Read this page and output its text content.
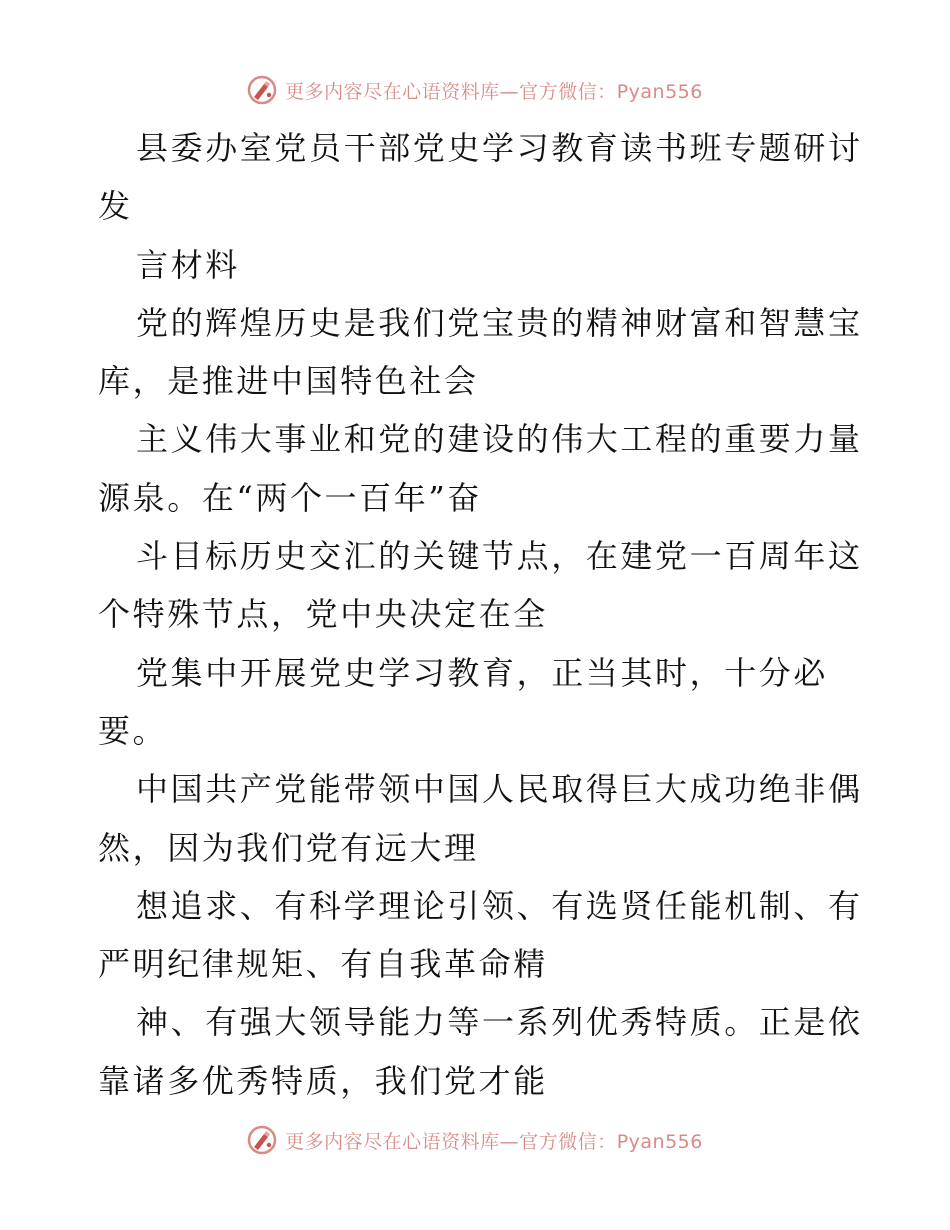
更多内容尽在心语资料库—官方微信：Pyan556
县委办室党员干部党史学习教育读书班专题研讨
发
言材料
党的辉煌历史是我们党宝贵的精神财富和智慧宝
库，是推进中国特色社会
主义伟大事业和党的建设的伟大工程的重要力量
源泉。在“两个一百年”奋
斗目标历史交汇的关键节点，在建党一百周年这
个特殊节点，党中央决定在全
党集中开展党史学习教育，正当其时，十分必
要。
中国共产党能带领中国人民取得巨大成功绝非偶
然，因为我们党有远大理
想追求、有科学理论引领、有选贤任能机制、有
严明纪律规矩、有自我革命精
神、有强大领导能力等一系列优秀特质。正是依
靠诸多优秀特质，我们党才能
更多内容尽在心语资料库—官方微信：Pyan556
